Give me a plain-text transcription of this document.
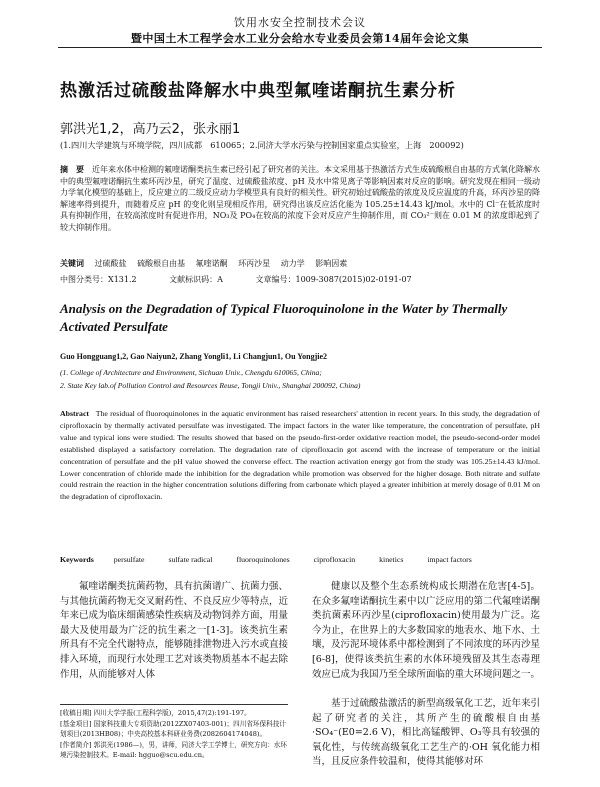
饮用水安全控制技术会议
暨中国土木工程学会水工业分会给水专业委员会第14届年会论文集
热激活过硫酸盐降解水中典型氟喹诺酮抗生素分析
郭洪光1,2，高乃云2，张永丽1
(1.四川大学建筑与环境学院，四川成都　610065；2.同济大学水污染与控制国家重点实验室，上海　200092)
摘　要　 近年来水体中检测的氟喹诺酮类抗生素已经引起了研究者的关注。本文采用基于热激活方式生成硫酸根自由基的方式氧化降解水中的典型氟喹诺酮抗生素环丙沙星，研究了温度、过硫酸盐浓度、pH 及水中常见离子等影响因素对反应的影响。研究发现在相同一级动力学氧化模型的基础上，反应建立的二级反应动力学模型具有良好的相关性。研究初始过硫酸盐的浓度及反应温度的升高，环丙沙星的降解速率得到提升，而随着反应 pH 的变化则呈现相反作用，研究得出该反应活化能为 105.25±14.43 kJ/mol。水中的 Cl⁻在低浓度时具有抑制作用，在较高浓度时有促进作用，NO₃及 PO₄在较高的浓度下会对反应产生抑制作用，而 CO₃²⁻则在 0.01 M 的浓度即起到了较大抑制作用。
关键词 过硫酸盐 硫酸根自由基 氟喹诺酮 环丙沙星 动力学 影响因素
中图分类号：X131.2	文献标识码：A	文章编号：1009-3087(2015)02-0191-07
Analysis on the Degradation of Typical Fluoroquinolone in the Water by Thermally Activated Persulfate
Guo Hongguang1,2, Gao Naiyun2, Zhang Yongli1, Li Changjun1, Ou Yongjie2
(1. College of Architecture and Environment, Sichuan Univ., Chengdu 610065, China;
2. State Key lab.of Pollution Control and Resources Reuse, Tongji Univ., Shanghai 200092, China)
Abstract The residual of fluoroquinolones in the aquatic environment has raised researchers' attention in recent years. In this study, the degradation of ciprofloxacin by thermally activated persulfate was investigated. The impact factors in the water like temperature, the concentration of persulfate, pH value and typical ions were studied. The results showed that based on the pseudo-first-order oxidative reaction model, the pseudo-second-order model established displayed a satisfactory correlation. The degradation rate of ciprofloxacin got ascend with the increase of temperature or the initial concentration of persulfate and the pH value showed the converse effect. The reaction activation energy got from the study was 105.25±14.43 kJ/mol. Lower concentration of chloride made the inhibition for the degradation while promotion was observed for the higher dosage. Both nitrate and sulfate could restrain the reaction in the higher concentration solutions differing from carbonate which played a greater inhibition at merely dosage of 0.01 M on the degradation of ciprofloxacin.
Keywords	persulfate	sulfate radical	fluoroquinolones	ciprofloxacin	kinetics	impact factors

氟喹诺酮类抗菌药物，具有抗菌谱广、抗菌力强、与其他抗菌药物无交叉耐药性、不良反应少等特点，近年来已成为临床细菌感染性疾病及动物饲养方面，用量最大及使用最为广泛的抗生素之一[1-3]。该类抗生素所具有不完全代谢特点，能够随排泄物进入污水或直接排入环境，而现行水处理工艺对该类物质基本不起去除作用，从而能够对人体

[收稿日期] 四川大学学报(工程科学版)，2015,47(2):191-197。
[基金项目] 国家科技重大专项资助(2012ZX07403-001)；四川省环保科技计划项目(2013HB08)；中央高校基本科研业务费(2082604174048)。
[作者简介] 郭洪光(1986—)，男，讲师，同济大学工学博士，研究方向：水环境污染控制技术。E-mail: hgguo@scu.edu.cn。

健康以及整个生态系统构成长期潜在危害[4-5]。在众多氟喹诺酮抗生素中以广泛应用的第二代氟喹诺酮类抗菌素环丙沙星(ciprofloxacin)使用最为广泛。迄今为止，在世界上的大多数国家的地表水、地下水、土壤，及污泥环境体系中都检测到了不同浓度的环丙沙星[6-8]，使得该类抗生素的水体环境残留及其生态毒理效应已成为我国乃至全球所面临的重大环境问题之一。

基于过硫酸盐激活的新型高级氧化工艺，近年来引起了研究者的关注，其所产生的硫酸根自由基·SO₄⁻(E0=2.6 V)，相比高锰酸钾、O₃等具有较强的氧化性，与传统高级氧化工艺生产的·OH 氧化能力相当，且反应条件较温和，使得其能够对环
